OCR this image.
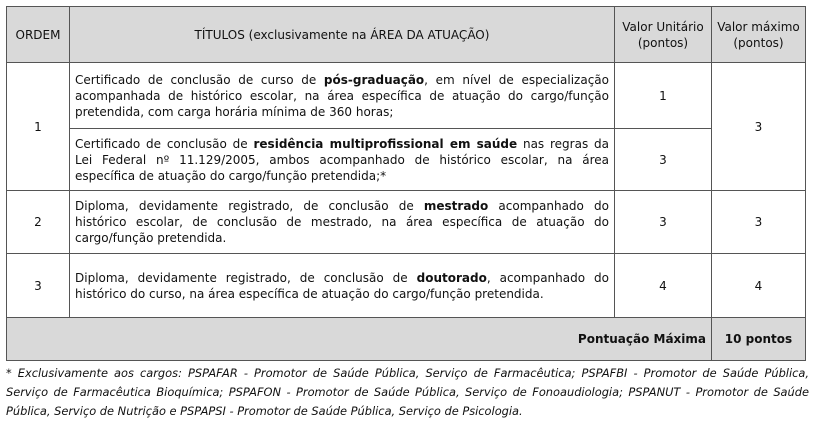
ORDEM	TÍTULOS (exclusivamente na ÁREA DA ATUAÇÃO)	Valor Unitário (pontos)	Valor máximo (pontos)
1	Certificado de conclusão de curso de pós-graduação, em nível de especialização acompanhada de histórico escolar, na área específica de atuação do cargo/função pretendida, com carga horária mínima de 360 horas;	1	3
	Certificado de conclusão de residência multiprofissional em saúde nas regras da Lei Federal nº 11.129/2005, ambos acompanhado de histórico escolar, na área específica de atuação do cargo/função pretendida;*	3	
2	Diploma, devidamente registrado, de conclusão de mestrado acompanhado do histórico escolar, de conclusão de mestrado, na área específica de atuação do cargo/função pretendida.	3	3
3	Diploma, devidamente registrado, de conclusão de doutorado, acompanhado do histórico do curso, na área específica de atuação do cargo/função pretendida.	4	4
Pontuação Máxima			10 pontos
* Exclusivamente aos cargos: PSPAFAR - Promotor de Saúde Pública, Serviço de Farmacêutica; PSPAFBI - Promotor de Saúde Pública, Serviço de Farmacêutica Bioquímica; PSPAFON - Promotor de Saúde Pública, Serviço de Fonoaudiologia; PSPANUT - Promotor de Saúde Pública, Serviço de Nutrição e PSPAPSI - Promotor de Saúde Pública, Serviço de Psicologia.
